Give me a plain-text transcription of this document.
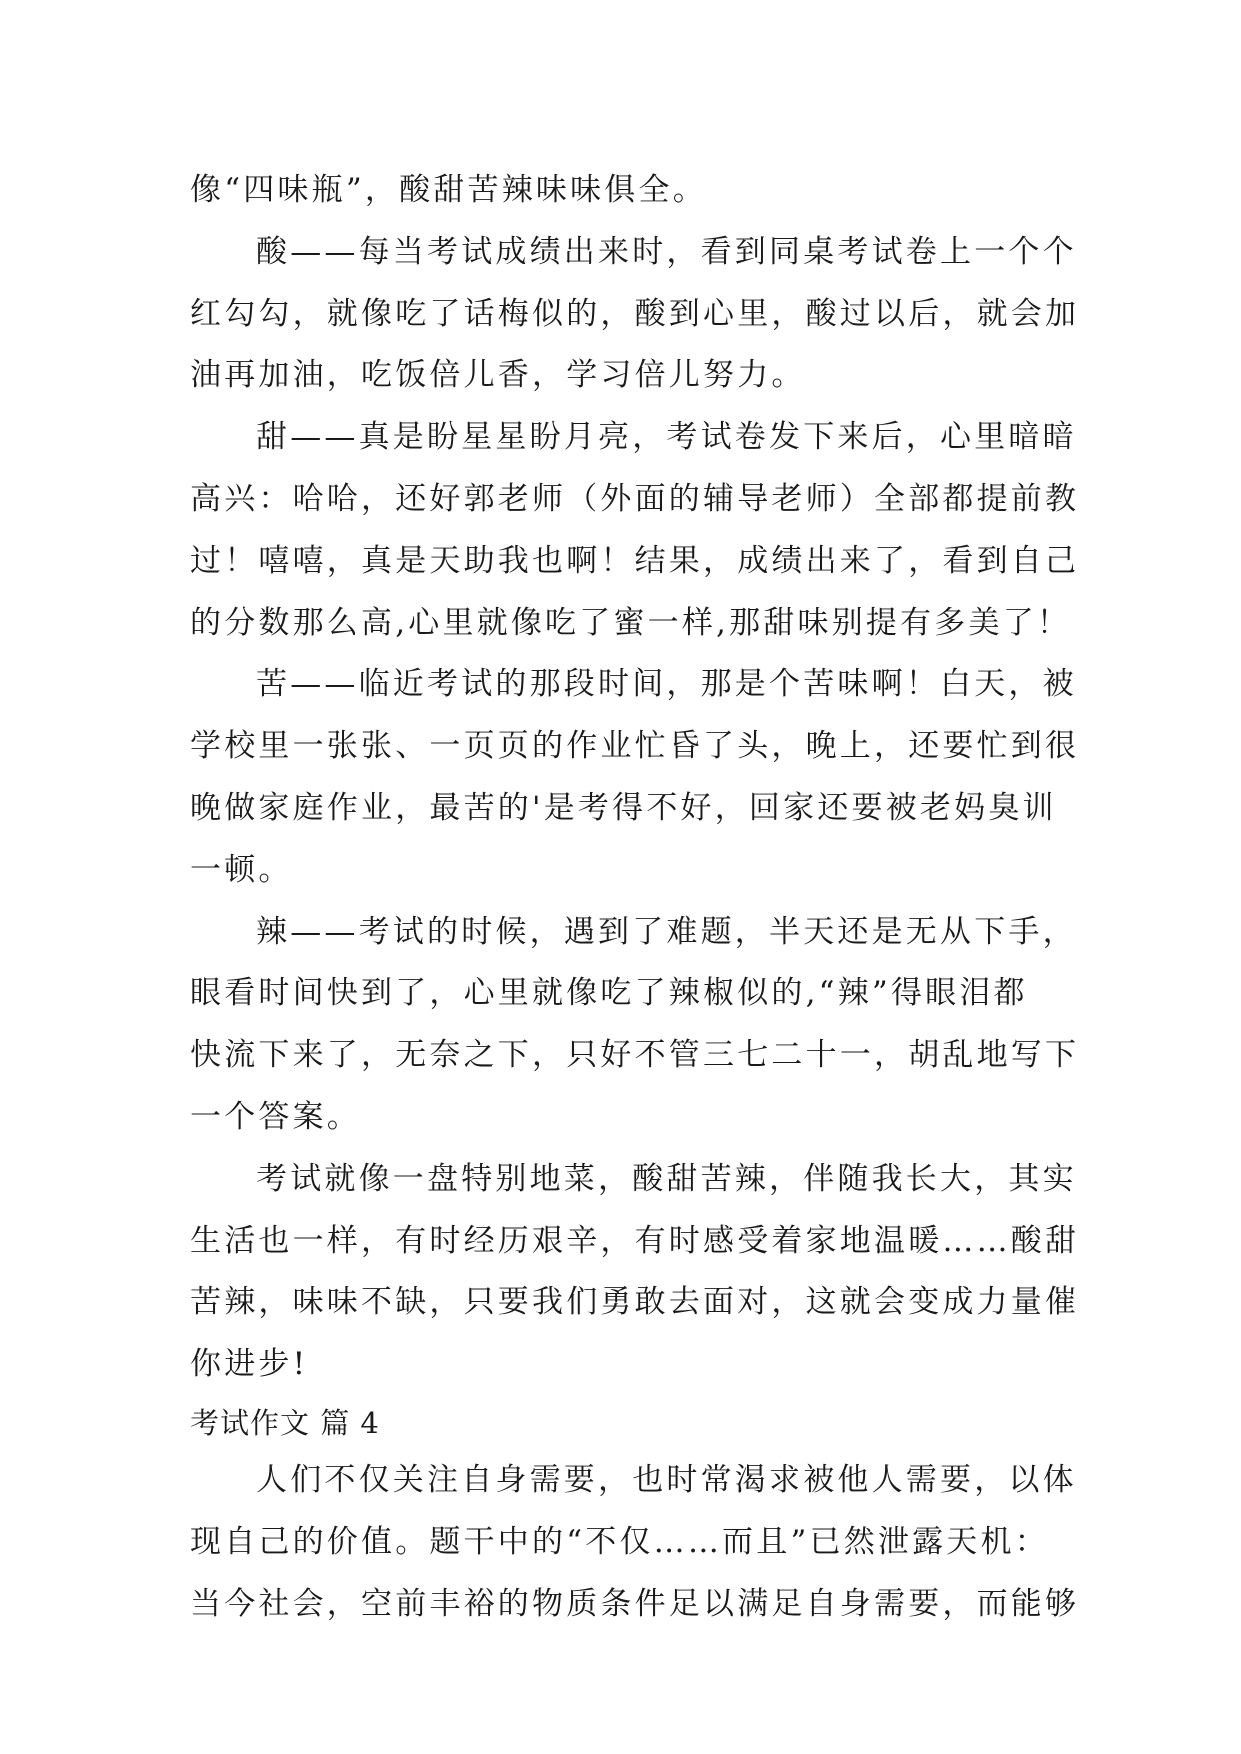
像“四味瓶”，酸甜苦辣味味俱全。
酸——每当考试成绩出来时，看到同桌考试卷上一个个
红勾勾，就像吃了话梅似的，酸到心里，酸过以后，就会加
油再加油，吃饭倍儿香，学习倍儿努力。
甜——真是盼星星盼月亮，考试卷发下来后，心里暗暗
高兴：哈哈，还好郭老师（外面的辅导老师）全部都提前教
过！嘻嘻，真是天助我也啊！结果，成绩出来了，看到自己
的分数那么高,心里就像吃了蜜一样,那甜味别提有多美了！
苦——临近考试的那段时间，那是个苦味啊！白天，被
学校里一张张、一页页的作业忙昏了头，晚上，还要忙到很
晚做家庭作业，最苦的'是考得不好，回家还要被老妈臭训
一顿。
辣——考试的时候，遇到了难题，半天还是无从下手，
眼看时间快到了，心里就像吃了辣椒似的,“辣”得眼泪都
快流下来了，无奈之下，只好不管三七二十一，胡乱地写下
一个答案。
考试就像一盘特别地菜，酸甜苦辣，伴随我长大，其实
生活也一样，有时经历艰辛，有时感受着家地温暖……酸甜
苦辣，味味不缺，只要我们勇敢去面对，这就会变成力量催
你进步!
考试作文 篇 4
人们不仅关注自身需要，也时常渴求被他人需要，以体
现自己的价值。题干中的“不仅……而且”已然泄露天机：
当今社会，空前丰裕的物质条件足以满足自身需要，而能够
